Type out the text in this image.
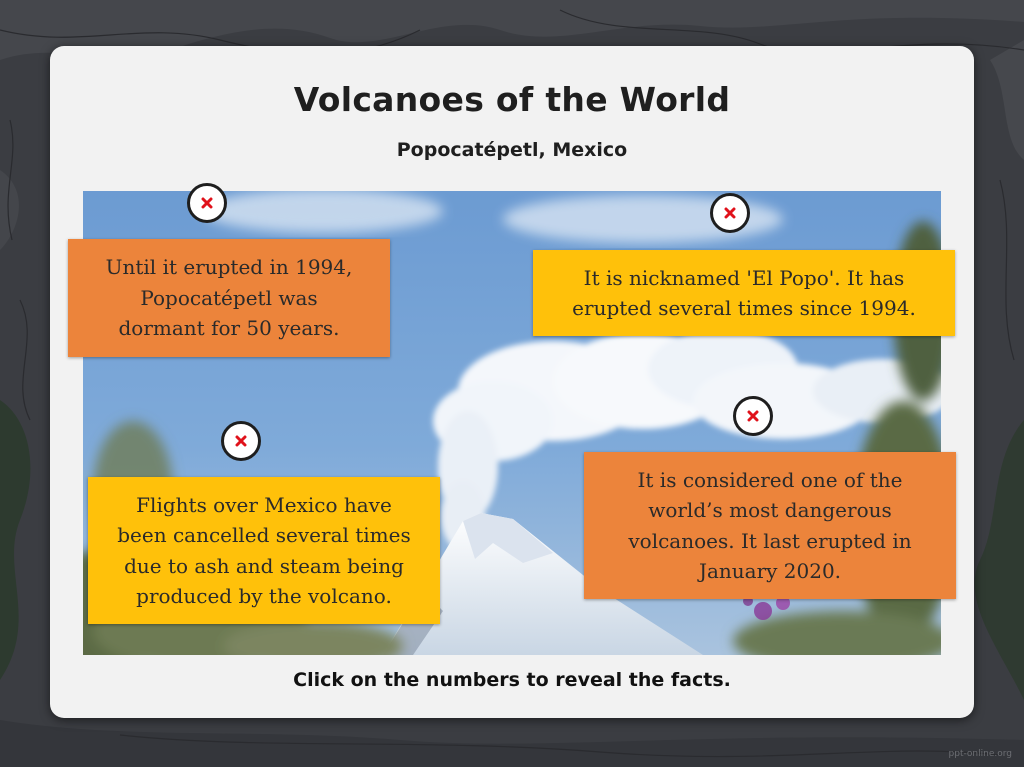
Volcanoes of the World
Popocatépetl, Mexico
Until it erupted in 1994,
Popocatépetl was
dormant for 50 years.
It is nicknamed 'El Popo'. It has
erupted several times since 1994.
Flights over Mexico have
been cancelled several times
due to ash and steam being
produced by the volcano.
It is considered one of the
world’s most dangerous
volcanoes. It last erupted in
January 2020.

Click on the numbers to reveal the facts.

ppt-online.org
